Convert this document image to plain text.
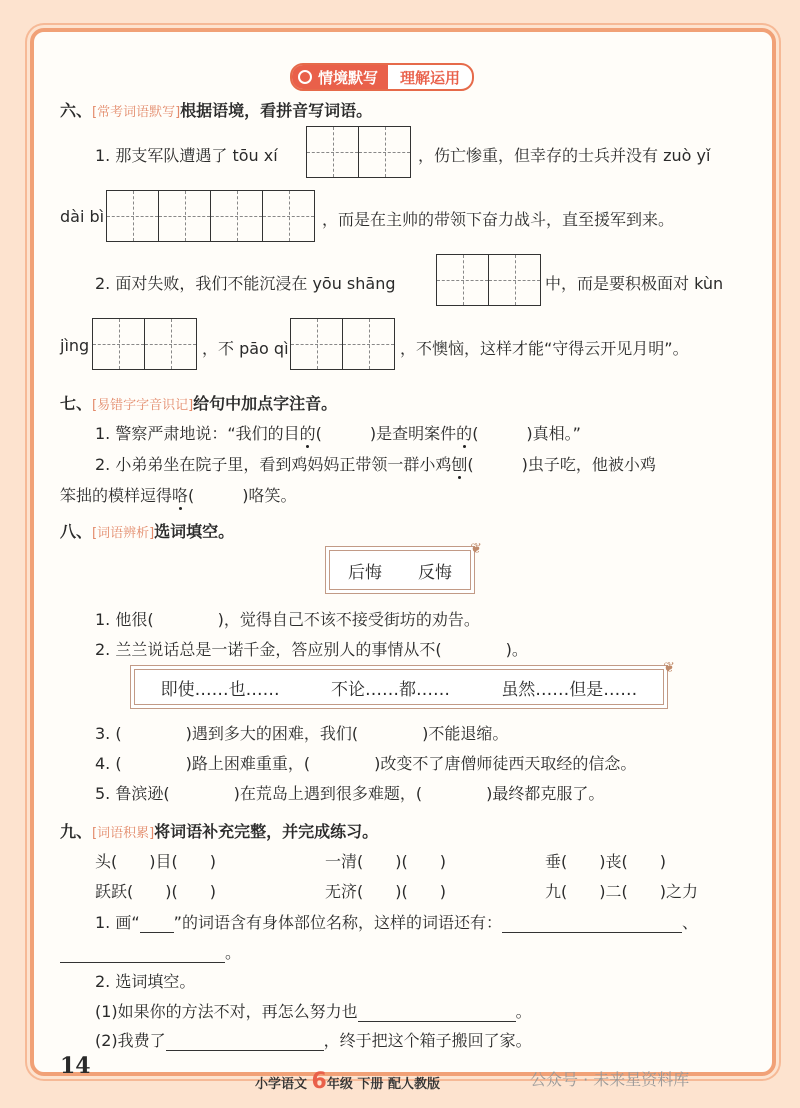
情境默写	理解运用
六、[常考词语默写]根据语境，看拼音写词语。
1. 那支军队遭遇了 tōu xí	，伤亡惨重，但幸存的士兵并没有 zuò yǐ
dài bì	，而是在主帅的带领下奋力战斗，直至援军到来。
2. 面对失败，我们不能沉浸在 yōu shāng	中，而是要积极面对 kùn
jìng	，不 pāo qì	，不懊恼，这样才能“守得云开见月明”。
七、[易错字字音识记]给句中加点字注音。
1. 警察严肃地说：“我们的目的(　　　)是查明案件的(　　　)真相。”
2. 小弟弟坐在院子里，看到鸡妈妈正带领一群小鸡刨(　　　)虫子吃，他被小鸡
笨拙的模样逗得咯(　　　)咯笑。
八、[词语辨析]选词填空。
后悔 反悔
❦
1. 他很(　　　　)，觉得自己不该不接受街坊的劝告。
2. 兰兰说话总是一诺千金，答应别人的事情从不(　　　　)。
即使……也……	不论……都……	虽然……但是……
❦
3. (　　　　)遇到多大的困难，我们(　　　　)不能退缩。
4. (　　　　)路上困难重重，(　　　　)改变不了唐僧师徒西天取经的信念。
5. 鲁滨逊(　　　　)在荒岛上遇到很多难题，(　　　　)最终都克服了。
九、[词语积累]将词语补充完整，并完成练习。
头(　　)目(　　)	一清(　　)(　　)	垂(　　)丧(　　)
跃跃(　　)(　　)	无济(　　)(　　)	九(　　)二(　　)之力
1. 画“ ”的词语含有身体部位名称，这样的词语还有：	、
。
2. 选词填空。
(1)如果你的方法不对，再怎么努力也	。
(2)我费了	，终于把这个箱子搬回了家。
14
小学语文 6年级 下册 配人教版	公众号 · 未来星资料库
